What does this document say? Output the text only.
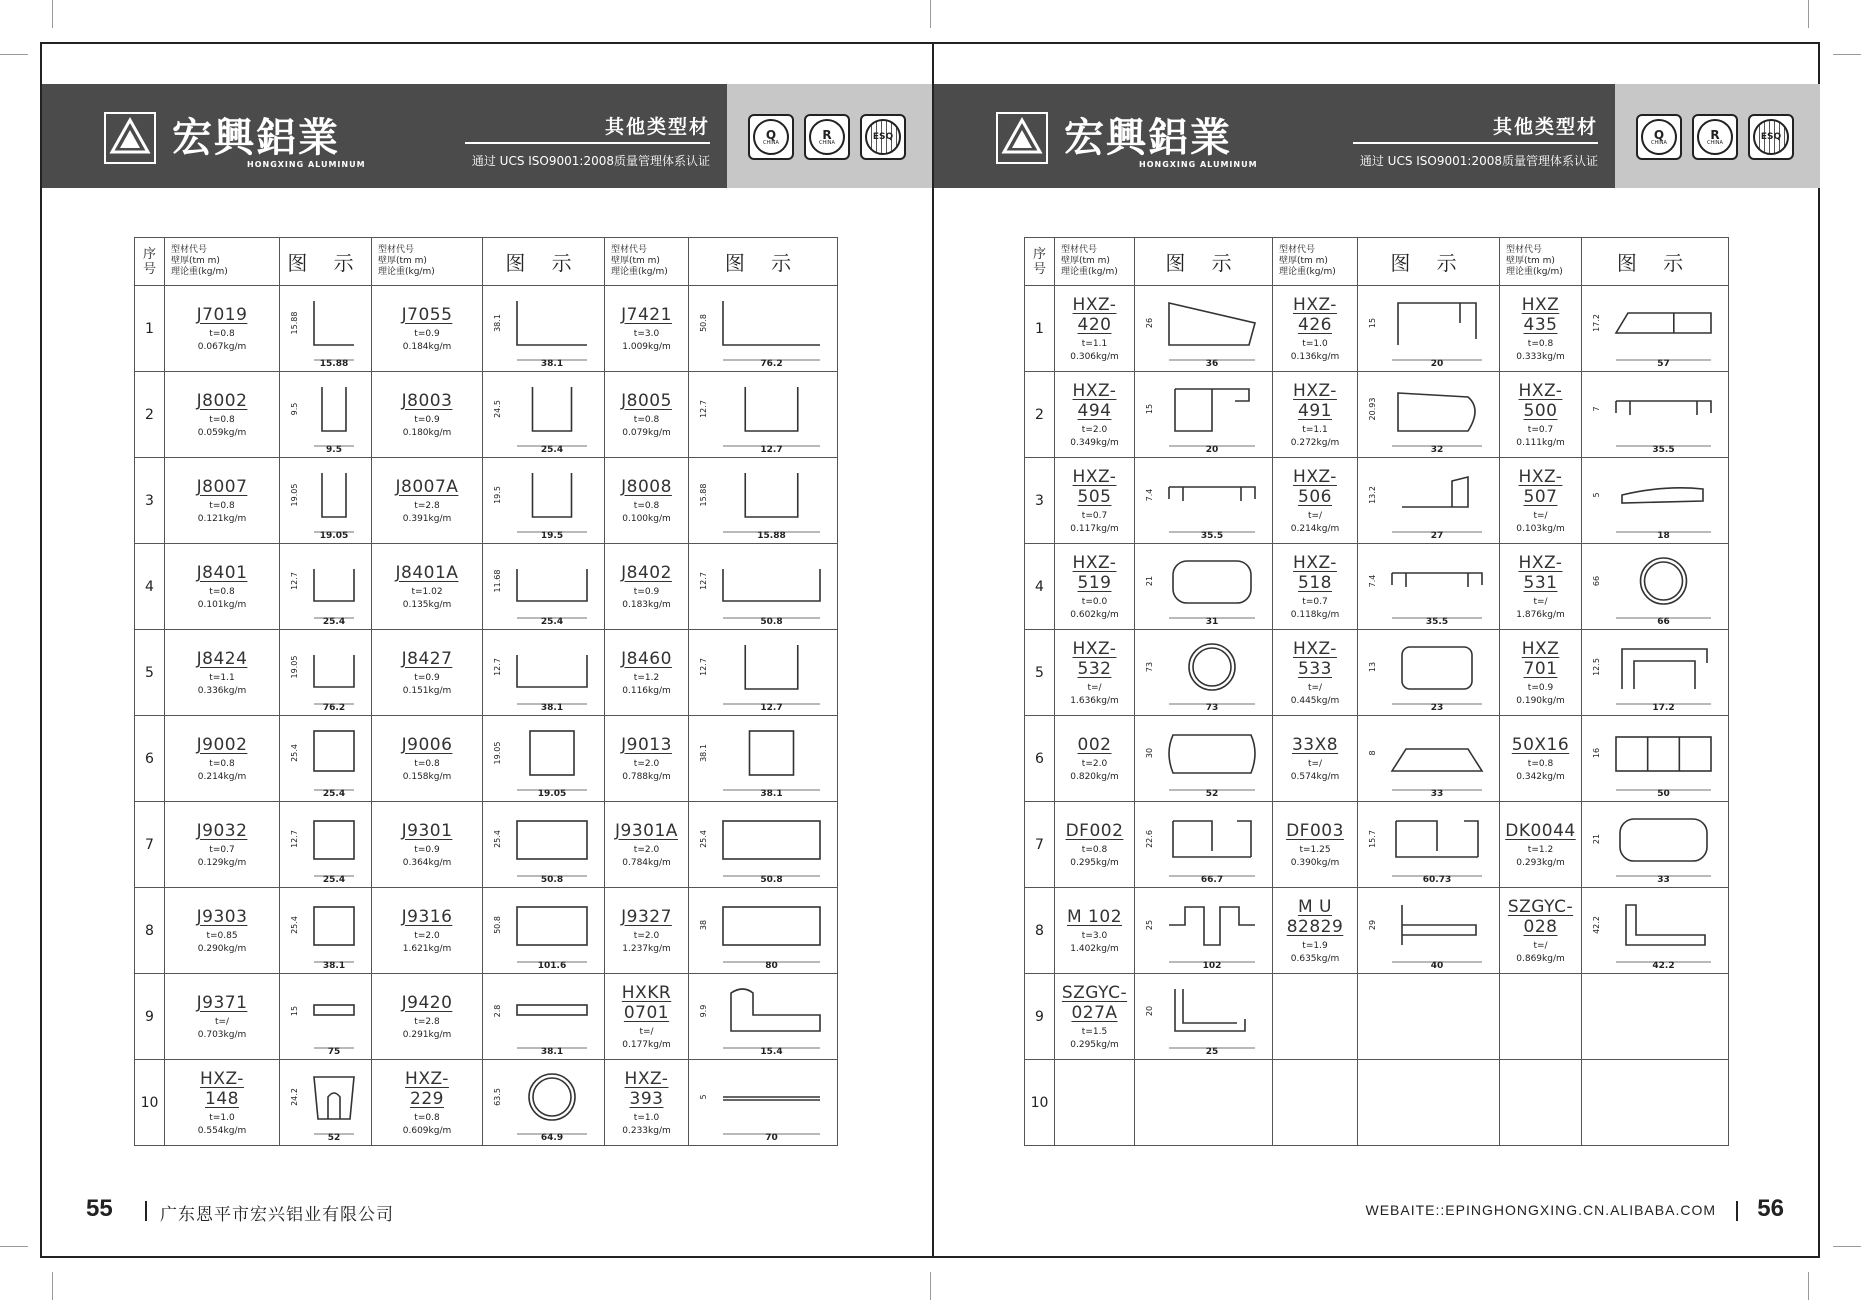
宏興鋁業
HONGXING ALUMINUM
其他类型材
通过 UCS ISO9001:2008质量管理体系认证
Q
CHINA
R
CHINA
ESQ
序
号	型材代号
壁厚(tm m)
理论重(kg/m)	图 示	型材代号
壁厚(tm m)
理论重(kg/m)	图 示	型材代号
壁厚(tm m)
理论重(kg/m)	图 示
1	J7019
t=0.8
0.067kg/m	15.88
15.88	J7055
t=0.9
0.184kg/m	38.1
38.1	J7421
t=3.0
1.009kg/m	50.8
76.2

2	J8002
t=0.8
0.059kg/m	9.5
9.5	J8003
t=0.9
0.180kg/m	24.5
25.4	J8005
t=0.8
0.079kg/m	12.7
12.7

3	J8007
t=0.8
0.121kg/m	19.05
19.05	J8007A
t=2.8
0.391kg/m	19.5
19.5	J8008
t=0.8
0.100kg/m	15.88
15.88

4	J8401
t=0.8
0.101kg/m	12.7
25.4	J8401A
t=1.02
0.135kg/m	11.68
25.4	J8402
t=0.9
0.183kg/m	12.7
50.8

5	J8424
t=1.1
0.336kg/m	19.05
76.2	J8427
t=0.9
0.151kg/m	12.7
38.1	J8460
t=1.2
0.116kg/m	12.7
12.7

6	J9002
t=0.8
0.214kg/m	25.4
25.4	J9006
t=0.8
0.158kg/m	19.05
19.05	J9013
t=2.0
0.788kg/m	38.1
38.1

7	J9032
t=0.7
0.129kg/m	12.7
25.4	J9301
t=0.9
0.364kg/m	25.4
50.8	J9301A
t=2.0
0.784kg/m	25.4
50.8

8	J9303
t=0.85
0.290kg/m	25.4
38.1	J9316
t=2.0
1.621kg/m	50.8
101.6	J9327
t=2.0
1.237kg/m	38
80

9	J9371
t=/
0.703kg/m	15
75	J9420
t=2.8
0.291kg/m	2.8
38.1	HXKR
0701
t=/
0.177kg/m	9.9
15.4

10	HXZ-
148
t=1.0
0.554kg/m	24.2
52	HXZ-
229
t=0.8
0.609kg/m	63.5
64.9	HXZ-
393
t=1.0
0.233kg/m	5
70
55	广东恩平市宏兴铝业有限公司
宏興鋁業
HONGXING ALUMINUM
其他类型材
通过 UCS ISO9001:2008质量管理体系认证
Q
CHINA
R
CHINA
ESQ
序
号	型材代号
壁厚(tm m)
理论重(kg/m)	图 示	型材代号
壁厚(tm m)
理论重(kg/m)	图 示	型材代号
壁厚(tm m)
理论重(kg/m)	图 示
1	HXZ-
420
t=1.1
0.306kg/m	26
36	HXZ-
426
t=1.0
0.136kg/m	15
20	HXZ
435
t=0.8
0.333kg/m	17.2
57

2	HXZ-
494
t=2.0
0.349kg/m	15
20	HXZ-
491
t=1.1
0.272kg/m	20.93
32	HXZ-
500
t=0.7
0.111kg/m	7
35.5

3	HXZ-
505
t=0.7
0.117kg/m	7.4
35.5	HXZ-
506
t=/
0.214kg/m	13.2
27	HXZ-
507
t=/
0.103kg/m	5
18

4	HXZ-
519
t=0.0
0.602kg/m	21
31	HXZ-
518
t=0.7
0.118kg/m	7.4
35.5	HXZ-
531
t=/
1.876kg/m	66
66

5	HXZ-
532
t=/
1.636kg/m	73
73	HXZ-
533
t=/
0.445kg/m	13
23	HXZ
701
t=0.9
0.190kg/m	12.5
17.2

6	002
t=2.0
0.820kg/m	30
52	33X8
t=/
0.574kg/m	8
33	50X16
t=0.8
0.342kg/m	16
50

7	DF002
t=0.8
0.295kg/m	22.6
66.7	DF003
t=1.25
0.390kg/m	15.7
60.73	DK0044
t=1.2
0.293kg/m	21
33

8	M 102
t=3.0
1.402kg/m	25
102	M U
82829
t=1.9
0.635kg/m	29
40	SZGYC-
028
t=/
0.869kg/m	42.2
42.2

9	SZGYC-
027A
t=1.5
0.295kg/m	20
25				

10						
WEBAITE::EPINGHONGXING.CN.ALIBABA.COM 56
